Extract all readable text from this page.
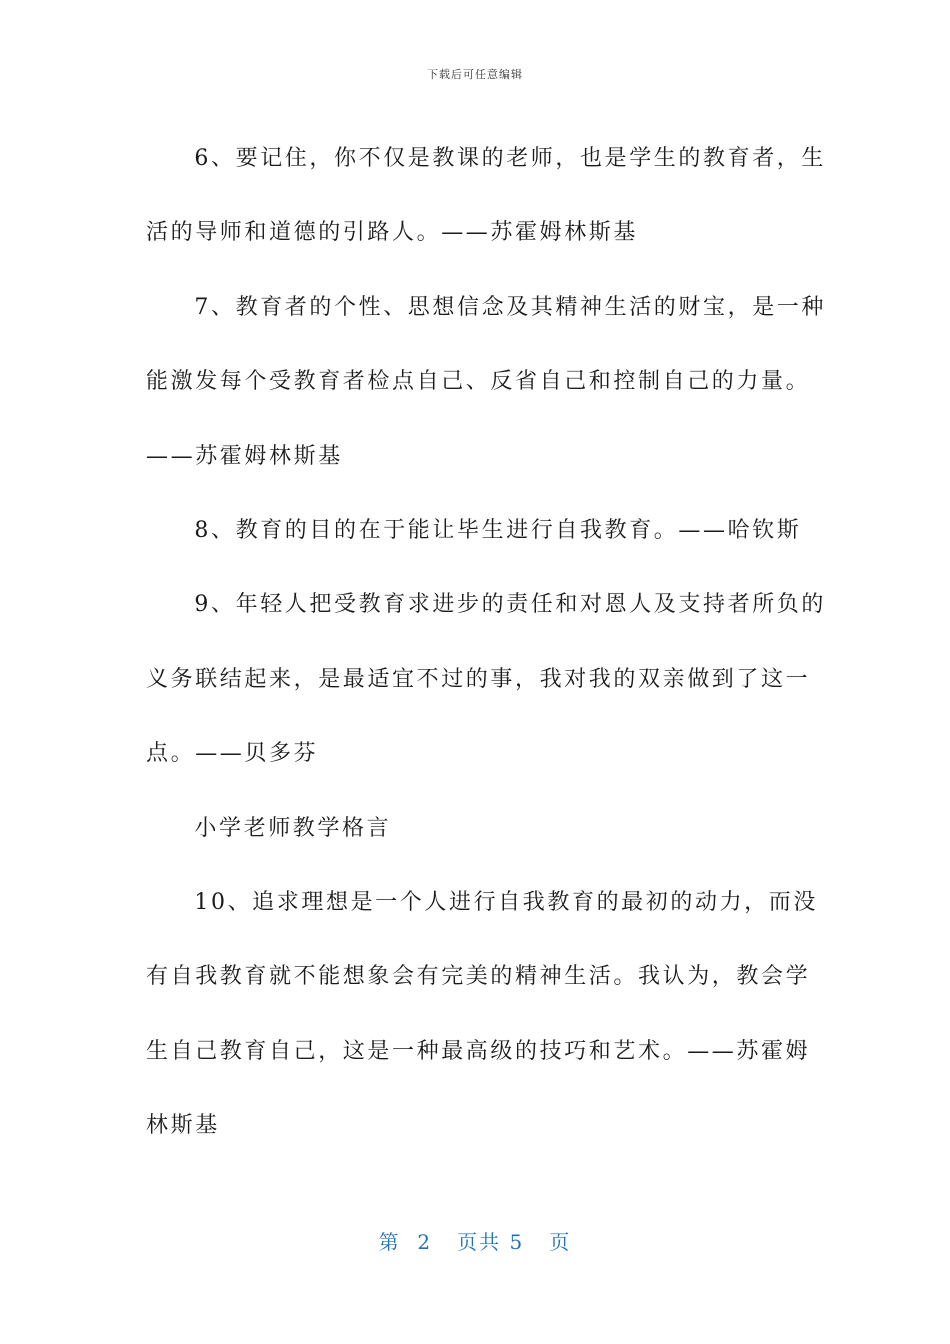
下载后可任意编辑

6、要记住，你不仅是教课的老师，也是学生的教育者，生
活的导师和道德的引路人。——苏霍姆林斯基

7、教育者的个性、思想信念及其精神生活的财宝，是一种
能激发每个受教育者检点自己、反省自己和控制自己的力量。
——苏霍姆林斯基

8、教育的目的在于能让毕生进行自我教育。——哈钦斯

9、年轻人把受教育求进步的责任和对恩人及支持者所负的
义务联结起来，是最适宜不过的事，我对我的双亲做到了这一
点。——贝多芬

小学老师教学格言

10、追求理想是一个人进行自我教育的最初的动力，而没
有自我教育就不能想象会有完美的精神生活。我认为，教会学
生自己教育自己，这是一种最高级的技巧和艺术。——苏霍姆
林斯基

第 2 页共 5 页
